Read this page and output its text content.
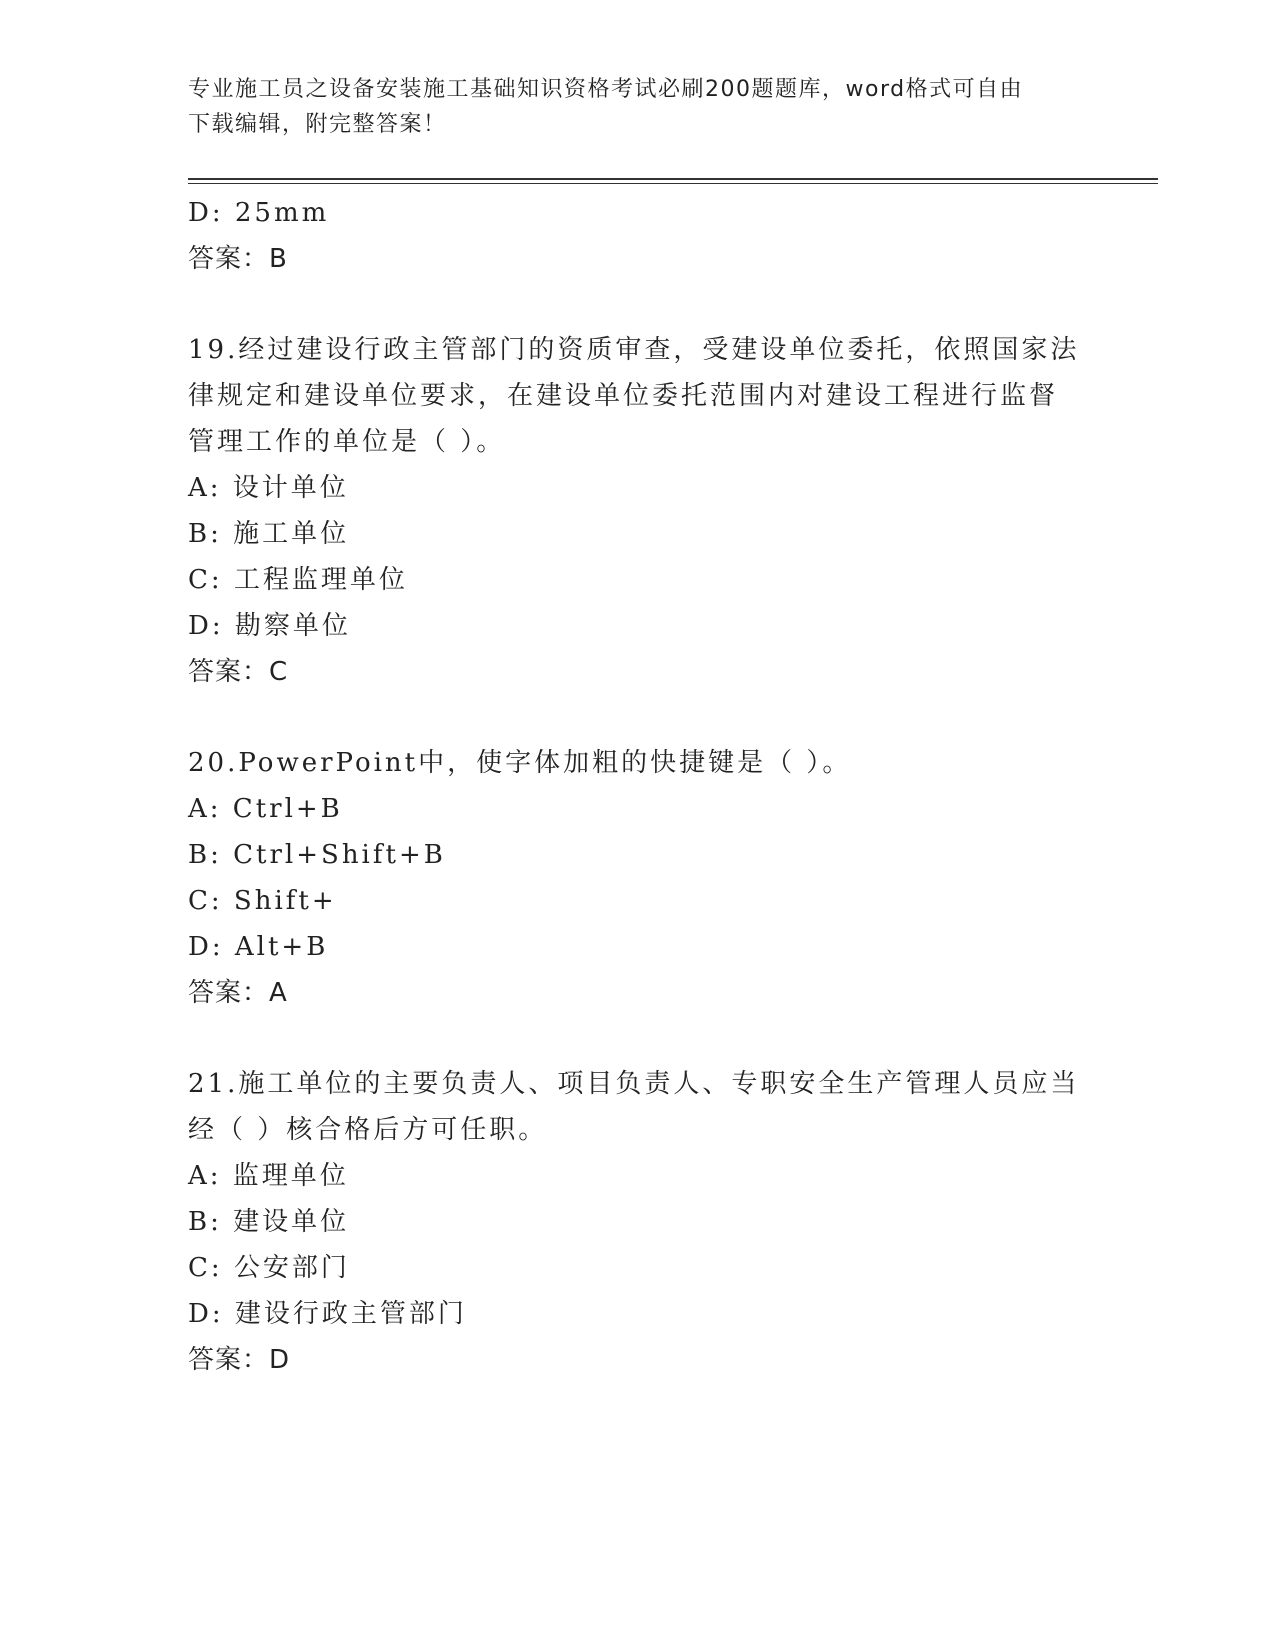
专业施工员之设备安装施工基础知识资格考试必刷200题题库，word格式可自由
下载编辑，附完整答案！
D: 25mm
答案：B
19.经过建设行政主管部门的资质审查，受建设单位委托，依照国家法
律规定和建设单位要求，在建设单位委托范围内对建设工程进行监督
管理工作的单位是（ ）。
A: 设计单位
B: 施工单位
C: 工程监理单位
D: 勘察单位
答案：C
20.PowerPoint中，使字体加粗的快捷键是（ ）。
A: Ctrl+B
B: Ctrl+Shift+B
C: Shift+
D: Alt+B
答案：A
21.施工单位的主要负责人、项目负责人、专职安全生产管理人员应当
经（ ）核合格后方可任职。
A: 监理单位
B: 建设单位
C: 公安部门
D: 建设行政主管部门
答案：D
